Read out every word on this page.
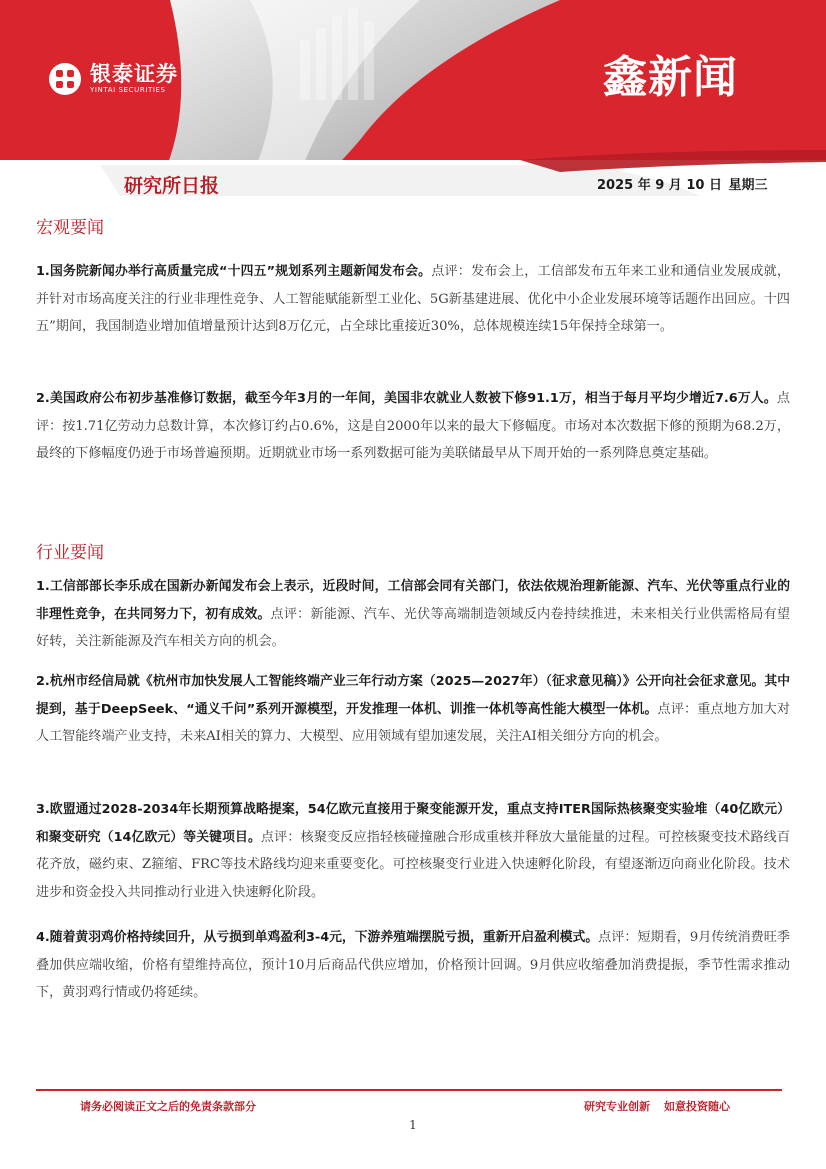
银泰证券
YINTAI SECURITIES	鑫新闻
研究所日报	2025 年 9 月 10 日 星期三
宏观要闻
1.国务院新闻办举行高质量完成“十四五”规划系列主题新闻发布会。点评：发布会上，工信部发布五年来工业和通信业发展成就，并针对市场高度关注的行业非理性竞争、人工智能赋能新型工业化、5G新基建进展、优化中小企业发展环境等话题作出回应。十四五”期间，我国制造业增加值增量预计达到8万亿元，占全球比重接近30%，总体规模连续15年保持全球第一。
2.美国政府公布初步基准修订数据，截至今年3月的一年间，美国非农就业人数被下修91.1万，相当于每月平均少增近7.6万人。点评：按1.71亿劳动力总数计算，本次修订约占0.6%，这是自2000年以来的最大下修幅度。市场对本次数据下修的预期为68.2万，最终的下修幅度仍逊于市场普遍预期。近期就业市场一系列数据可能为美联储最早从下周开始的一系列降息奠定基础。
行业要闻
1.工信部部长李乐成在国新办新闻发布会上表示，近段时间，工信部会同有关部门，依法依规治理新能源、汽车、光伏等重点行业的非理性竞争，在共同努力下，初有成效。点评：新能源、汽车、光伏等高端制造领域反内卷持续推进，未来相关行业供需格局有望好转，关注新能源及汽车相关方向的机会。
2.杭州市经信局就《杭州市加快发展人工智能终端产业三年行动方案（2025—2027年）（征求意见稿）》公开向社会征求意见。其中提到，基于DeepSeek、“通义千问”系列开源模型，开发推理一体机、训推一体机等高性能大模型一体机。点评：重点地方加大对人工智能终端产业支持，未来AI相关的算力、大模型、应用领域有望加速发展，关注AI相关细分方向的机会。
3.欧盟通过2028-2034年长期预算战略提案，54亿欧元直接用于聚变能源开发，重点支持ITER国际热核聚变实验堆（40亿欧元）和聚变研究（14亿欧元）等关键项目。点评：核聚变反应指轻核碰撞融合形成重核并释放大量能量的过程。可控核聚变技术路线百花齐放，磁约束、Z箍缩、FRC等技术路线均迎来重要变化。可控核聚变行业进入快速孵化阶段，有望逐渐迈向商业化阶段。技术进步和资金投入共同推动行业进入快速孵化阶段。
4.随着黄羽鸡价格持续回升，从亏损到单鸡盈利3-4元，下游养殖端摆脱亏损，重新开启盈利模式。点评：短期看，9月传统消费旺季叠加供应端收缩，价格有望维持高位，预计10月后商品代供应增加，价格预计回调。9月供应收缩叠加消费提振，季节性需求推动下，黄羽鸡行情或仍将延续。
请务必阅读正文之后的免责条款部分	研究专业创新 如意投资随心
1
